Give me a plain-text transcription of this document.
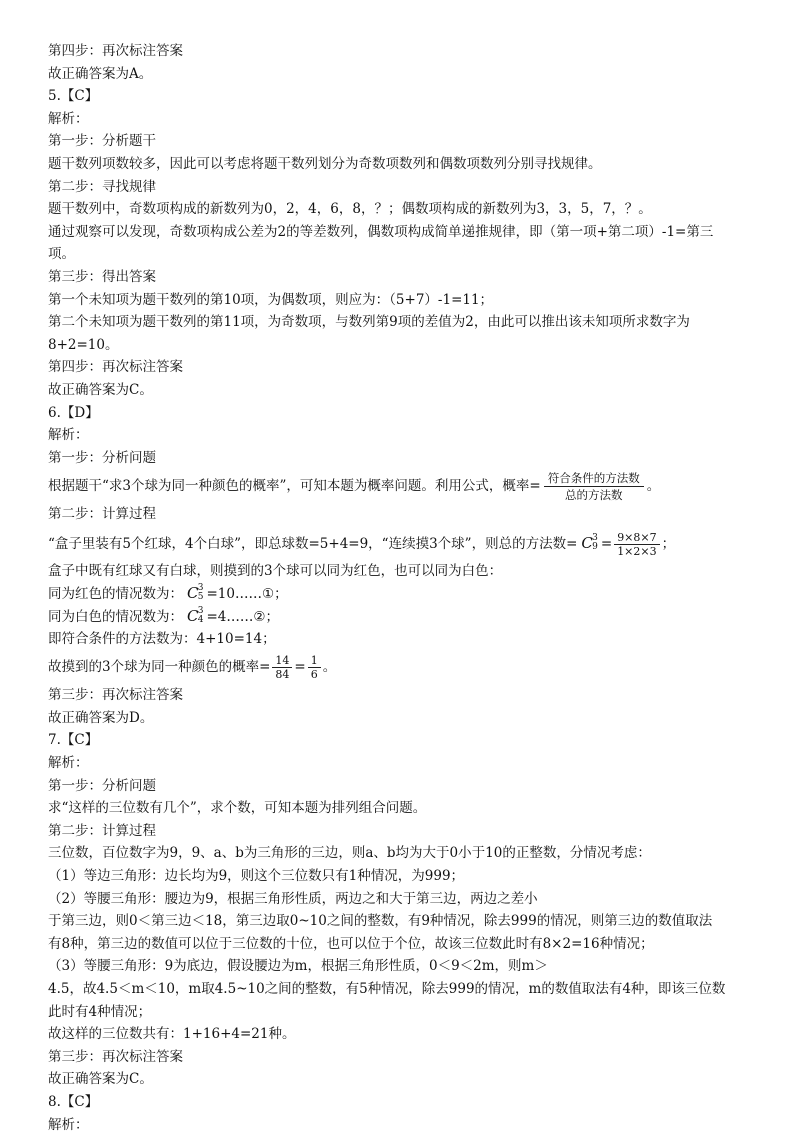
第四步：再次标注答案
故正确答案为A。
5.【C】
解析：
第一步：分析题干
题干数列项数较多，因此可以考虑将题干数列划分为奇数项数列和偶数项数列分别寻找规律。
第二步：寻找规律
题干数列中，奇数项构成的新数列为0，2，4，6，8，？；偶数项构成的新数列为3，3，5，7，？。
通过观察可以发现，奇数项构成公差为2的等差数列，偶数项构成简单递推规律，即（第一项+第二项）-1=第三
项。
第三步：得出答案
第一个未知项为题干数列的第10项，为偶数项，则应为：（5+7）-1=11；
第二个未知项为题干数列的第11项，为奇数项，与数列第9项的差值为2，由此可以推出该未知项所求数字为
8+2=10。
第四步：再次标注答案
故正确答案为C。
6.【D】
解析：
第一步：分析问题
根据题干“求3个球为同一种颜色的概率”，可知本题为概率问题。利用公式，概率= $\frac{\text{符合条件的方法数}}{\text{总的方法数}}$ 。
第二步：计算过程
“盒子里装有5个红球，4个白球”，即总球数=5+4=9，“连续摸3个球”，则总的方法数= C 3
$9 = \frac{9\times 8\times 7}{1\times 2\times 3}$ ；
盒子中既有红球又有白球，则摸到的3个球可以同为红色，也可以同为白色：
同为红色的情况数为： C 3
5 =10……①；
同为白色的情况数为： C 3
4 =4……②；
即符合条件的方法数为：4+10=14；
故摸到的3个球为同一种颜色的概率= $\frac{14}{84} = \frac{1}{6}$ 。
第三步：再次标注答案
故正确答案为D。
7.【C】
解析：
第一步：分析问题
求“这样的三位数有几个”，求个数，可知本题为排列组合问题。
第二步：计算过程
三位数，百位数字为9，9、a、b为三角形的三边，则a、b均为大于0小于10的正整数，分情况考虑：
（1）等边三角形：边长均为9，则这个三位数只有1种情况，为999；
（2）等腰三角形：腰边为9，根据三角形性质，两边之和大于第三边，两边之差小
于第三边，则0＜第三边＜18，第三边取0~10之间的整数，有9种情况，除去999的情况，则第三边的数值取法
有8种，第三边的数值可以位于三位数的十位，也可以位于个位，故该三位数此时有8×2=16种情况；
（3）等腰三角形：9为底边，假设腰边为m，根据三角形性质，0＜9＜2m，则m＞
4.5，故4.5＜m＜10，m取4.5~10之间的整数，有5种情况，除去999的情况，m的数值取法有4种，即该三位数
此时有4种情况；
故这样的三位数共有：1+16+4=21种。
第三步：再次标注答案
故正确答案为C。
8.【C】
解析：
